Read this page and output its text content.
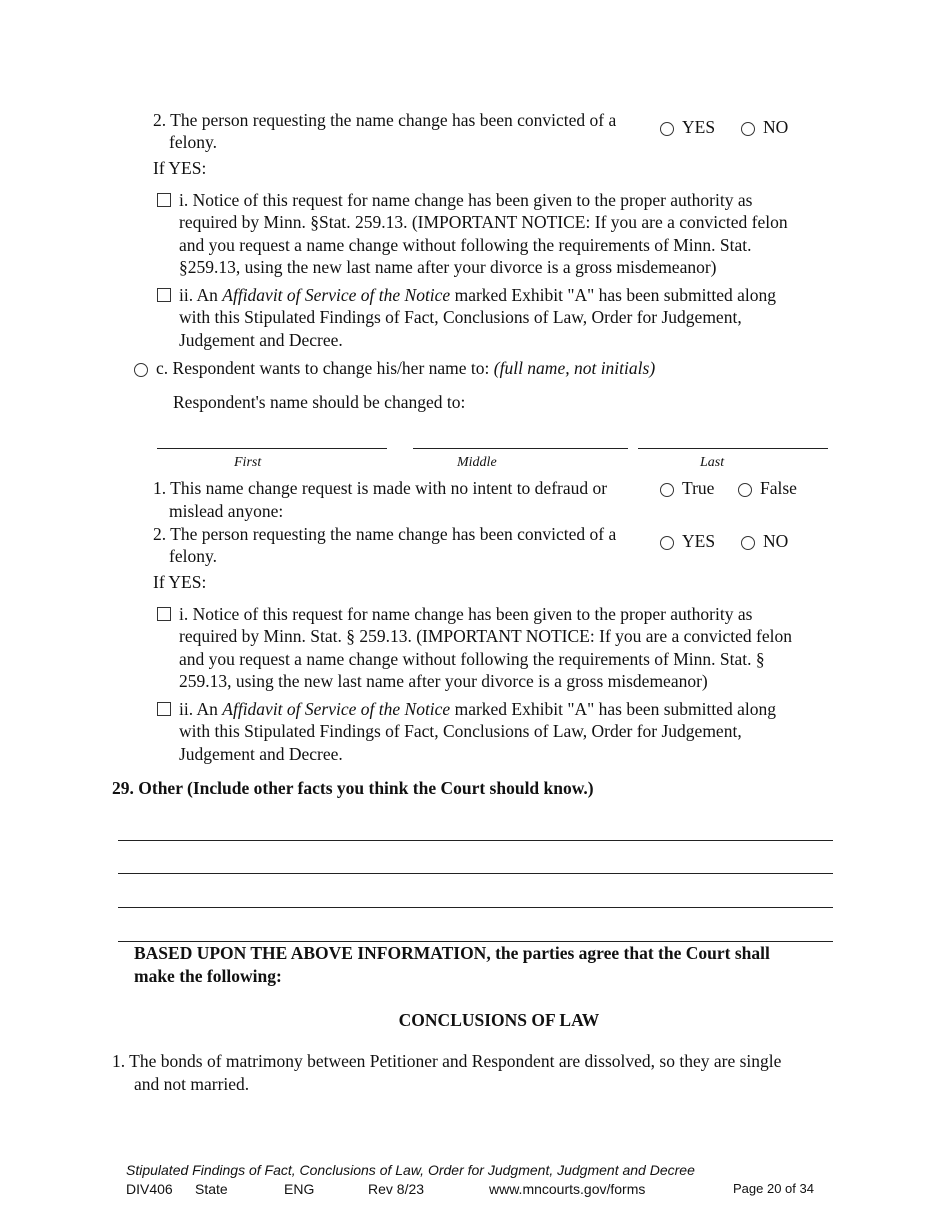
2. The person requesting the name change has been convicted of a
felony.
YES	NO
If YES:
i. Notice of this request for name change has been given to the proper authority as
required by Minn. §Stat. 259.13. (IMPORTANT NOTICE: If you are a convicted felon
and you request a name change without following the requirements of Minn. Stat.
§259.13, using the new last name after your divorce is a gross misdemeanor)
ii. An Affidavit of Service of the Notice marked Exhibit "A" has been submitted along
with this Stipulated Findings of Fact, Conclusions of Law, Order for Judgement,
Judgement and Decree.
c. Respondent wants to change his/her name to: (full name, not initials)
Respondent's name should be changed to:
First	Middle	Last
1. This name change request is made with no intent to defraud or
mislead anyone:
True	False
2. The person requesting the name change has been convicted of a
felony.
YES	NO
If YES:
i. Notice of this request for name change has been given to the proper authority as
required by Minn. Stat. § 259.13. (IMPORTANT NOTICE: If you are a convicted felon
and you request a name change without following the requirements of Minn. Stat. §
259.13, using the new last name after your divorce is a gross misdemeanor)
ii. An Affidavit of Service of the Notice marked Exhibit "A" has been submitted along
with this Stipulated Findings of Fact, Conclusions of Law, Order for Judgement,
Judgement and Decree.
29. Other (Include other facts you think the Court should know.)
BASED UPON THE ABOVE INFORMATION, the parties agree that the Court shall
make the following:
CONCLUSIONS OF LAW
1. The bonds of matrimony between Petitioner and Respondent are dissolved, so they are single
and not married.
Stipulated Findings of Fact, Conclusions of Law, Order for Judgment, Judgment and Decree
DIV406 State	ENG	Rev 8/23	www.mncourts.gov/forms	Page 20 of 34
